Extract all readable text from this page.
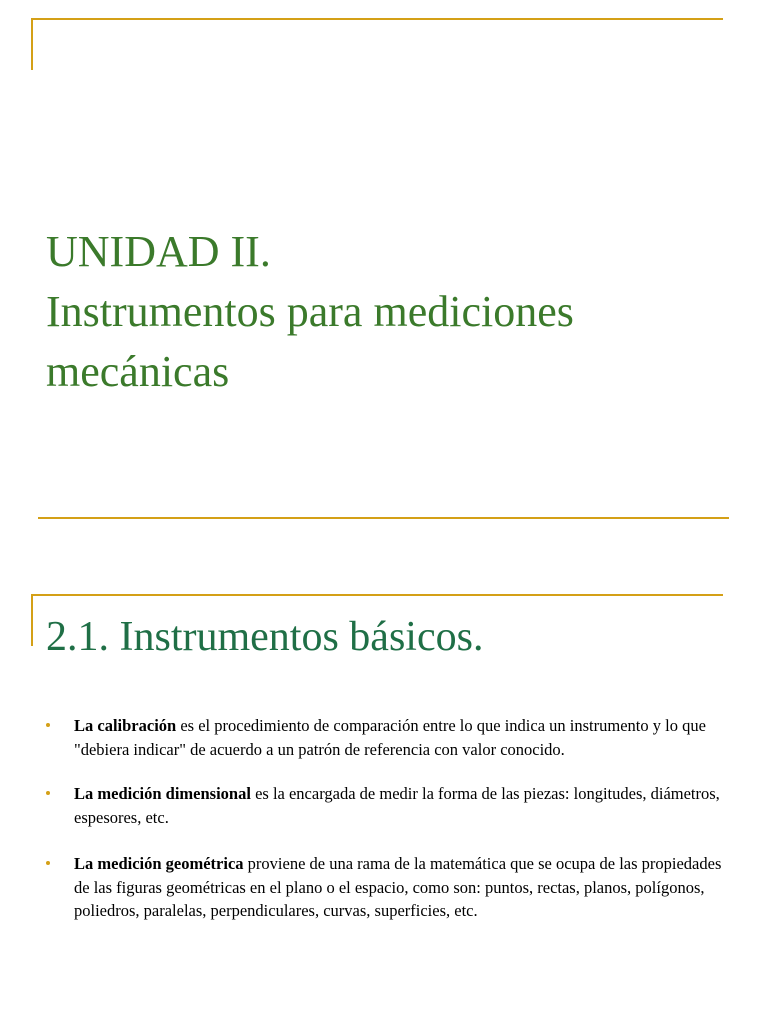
UNIDAD II.
Instrumentos para mediciones
mecánicas
2.1. Instrumentos básicos.
La calibración es el procedimiento de comparación entre lo que indica un instrumento y lo que "debiera indicar" de acuerdo a un patrón de referencia con valor conocido.
La medición dimensional es la encargada de medir la forma de las piezas: longitudes, diámetros, espesores, etc.
La medición geométrica proviene de una rama de la matemática que se ocupa de las propiedades de las figuras geométricas en el plano o el espacio, como son: puntos, rectas, planos, polígonos, poliedros, paralelas, perpendiculares, curvas, superficies, etc.
